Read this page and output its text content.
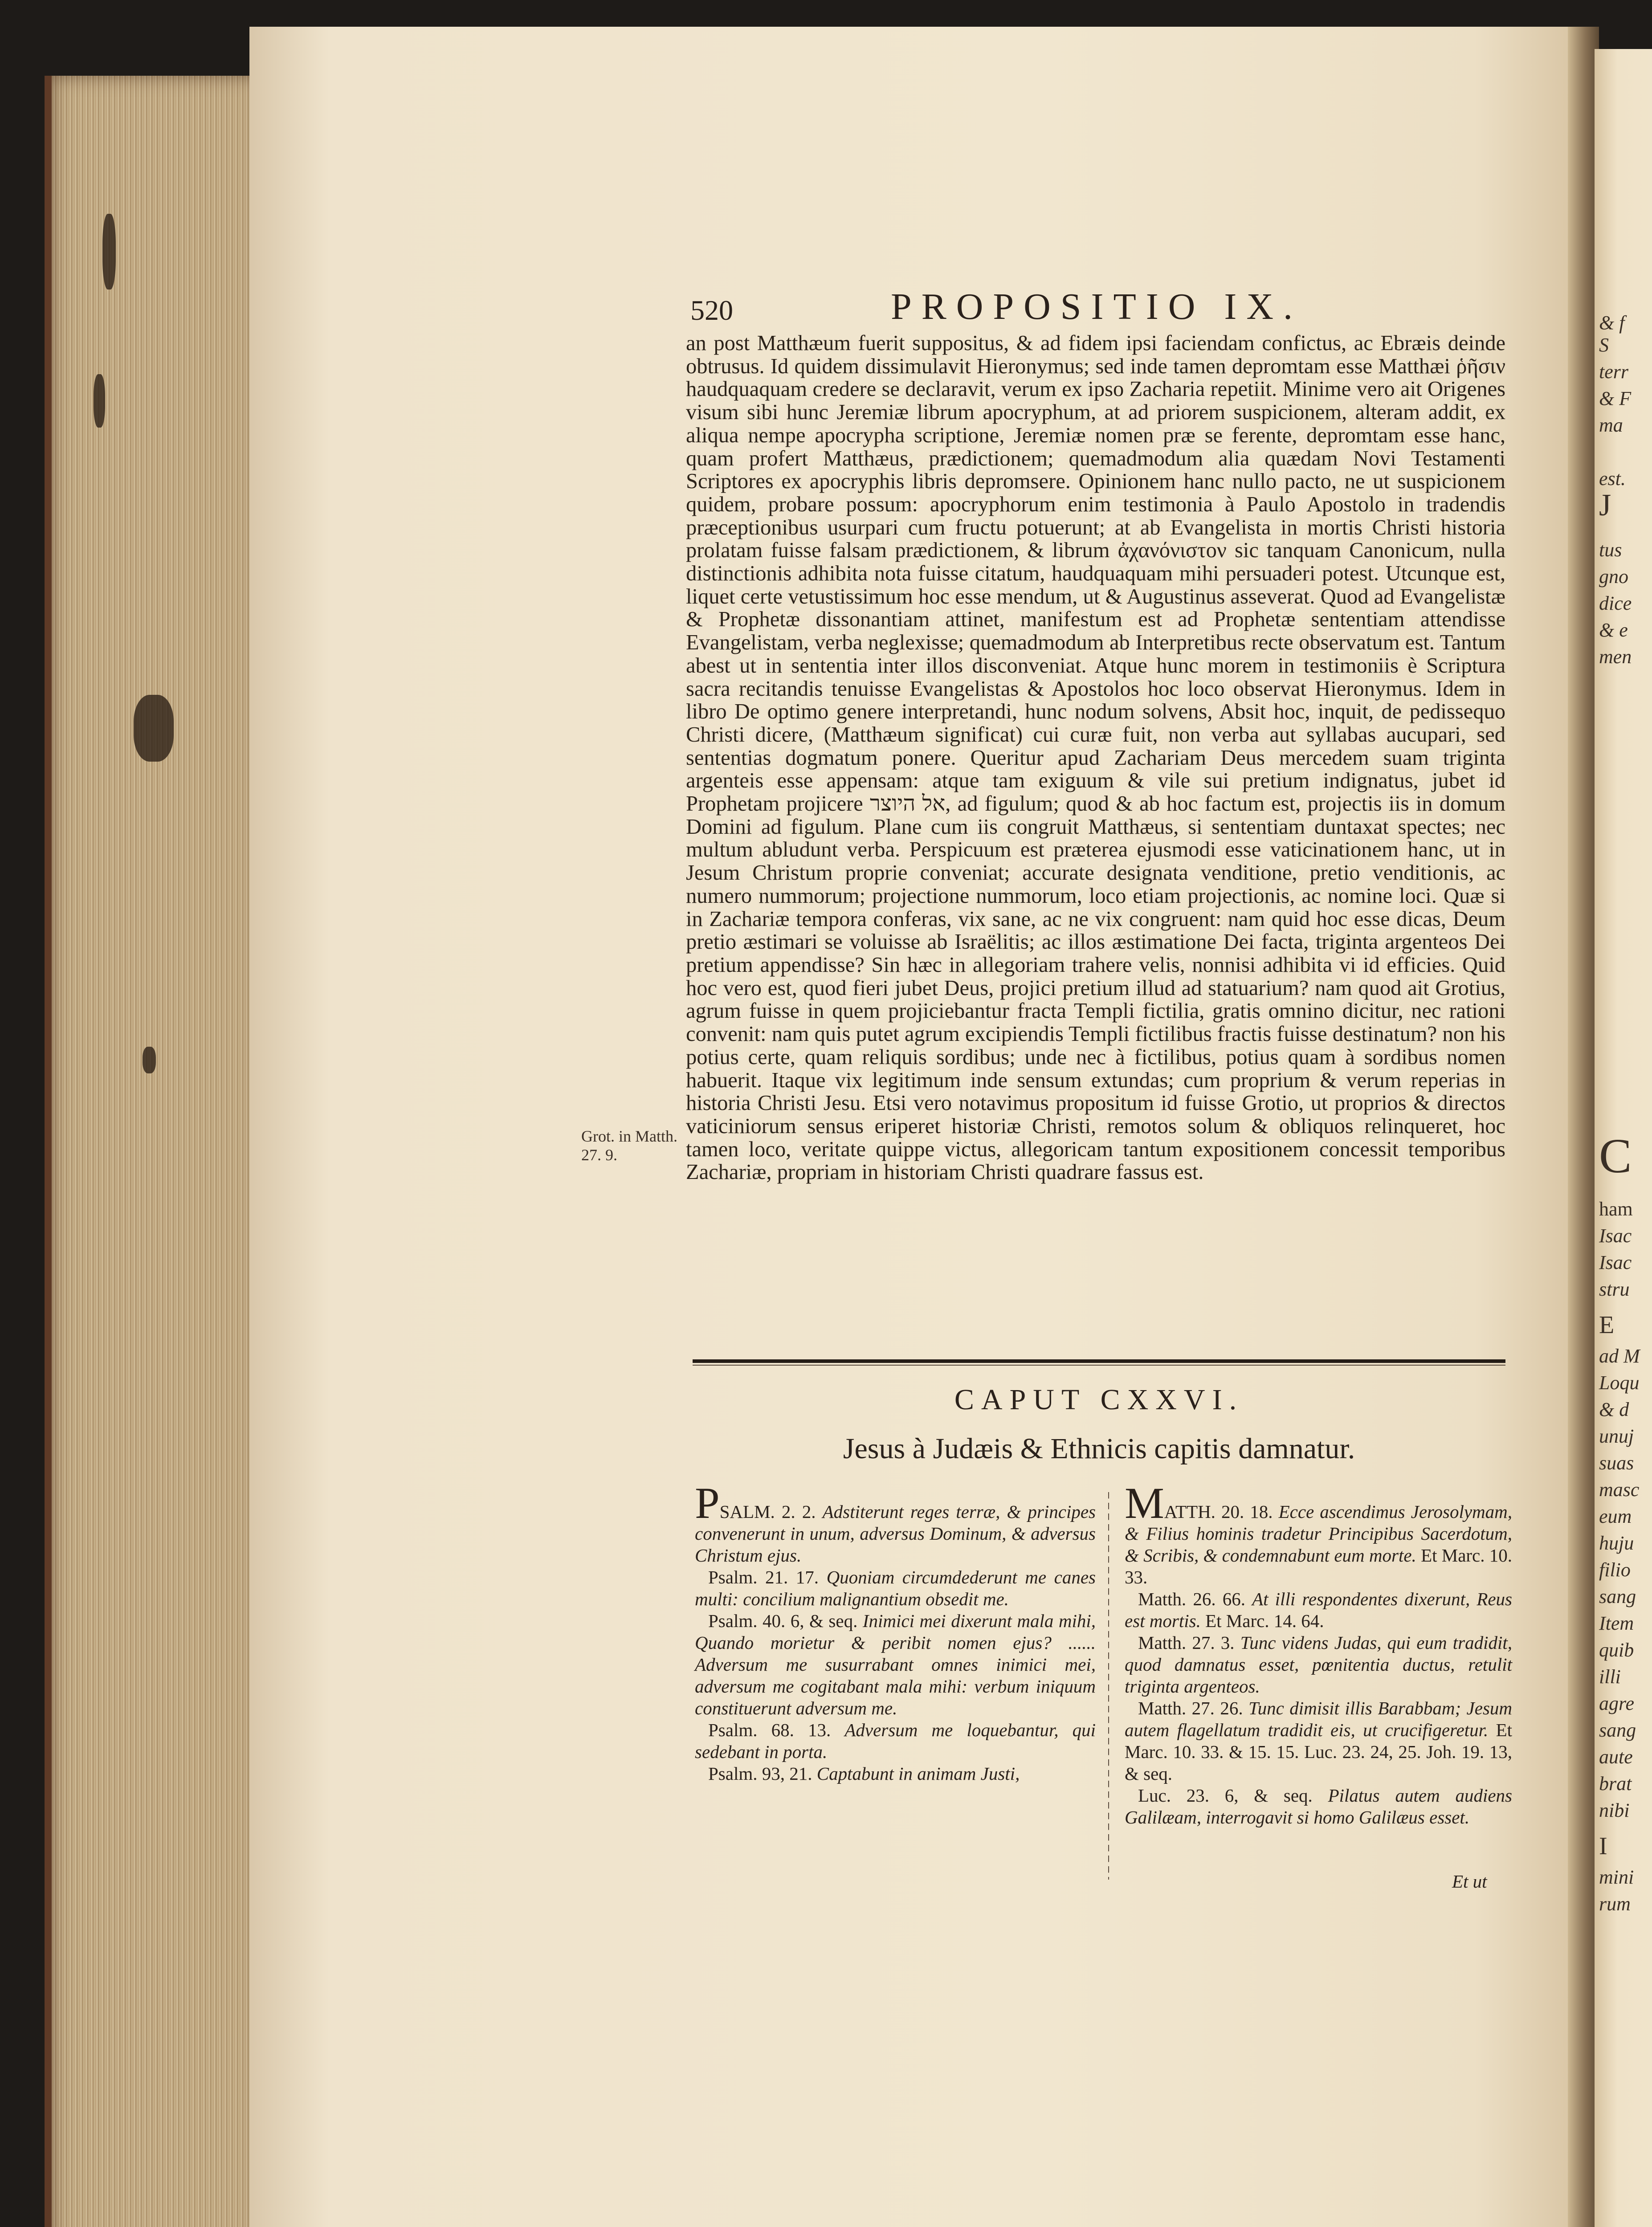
& f
S
terr
& F
ma
est.
J
tus
gno
dice
& e
men
C
ham
Isac
Isac
stru
E
ad M
Loqu
& d
unuj
suas
masc
eum
huju
filio
sang
Item
quib
illi
agre
sang
aute
brat
nibi
I
mini
rum
520	PROPOSITIO IX.

an post Matthæum fuerit suppositus, & ad fidem ipsi faciendam confictus, ac Ebræis deinde obtrusus. Id quidem dissimulavit Hieronymus; sed inde tamen depromtam esse Matthæi ῥῆσιν haudquaquam credere se declaravit, verum ex ipso Zacharia repetiit. Minime vero ait Origenes visum sibi hunc Jeremiæ librum apocryphum, at ad priorem suspicionem, alteram addit, ex aliqua nempe apocrypha scriptione, Jeremiæ nomen præ se ferente, depromtam esse hanc, quam profert Matthæus, prædictionem; quemadmodum alia quædam Novi Testamenti Scriptores ex apocryphis libris depromsere. Opinionem hanc nullo pacto, ne ut suspicionem quidem, probare possum: apocryphorum enim testimonia à Paulo Apostolo in tradendis præceptionibus usurpari cum fructu potuerunt; at ab Evangelista in mortis Christi historia prolatam fuisse falsam prædictionem, & librum ἀχανόνιστον sic tanquam Canonicum, nulla distinctionis adhibita nota fuisse citatum, haudquaquam mihi persuaderi potest. Utcunque est, liquet certe vetustissimum hoc esse mendum, ut & Augustinus asseverat. Quod ad Evangelistæ & Prophetæ dissonantiam attinet, manifestum est ad Prophetæ sententiam attendisse Evangelistam, verba neglexisse; quemadmodum ab Interpretibus recte observatum est. Tantum abest ut in sententia inter illos disconveniat. Atque hunc morem in testimoniis è Scriptura sacra recitandis tenuisse Evangelistas & Apostolos hoc loco observat Hieronymus. Idem in libro De optimo genere interpretandi, hunc nodum solvens, Absit hoc, inquit, de pedissequo Christi dicere, (Matthæum significat) cui curæ fuit, non verba aut syllabas aucupari, sed sententias dogmatum ponere. Queritur apud Zachariam Deus mercedem suam triginta argenteis esse appensam: atque tam exiguum & vile sui pretium indignatus, jubet id Prophetam projicere אל היוצר, ad figulum; quod & ab hoc factum est, projectis iis in domum Domini ad figulum. Plane cum iis congruit Matthæus, si sententiam duntaxat spectes; nec multum abludunt verba. Perspicuum est præterea ejusmodi esse vaticinationem hanc, ut in Jesum Christum proprie conveniat; accurate designata venditione, pretio venditionis, ac numero nummorum; projectione nummorum, loco etiam projectionis, ac nomine loci. Quæ si in Zachariæ tempora conferas, vix sane, ac ne vix congruent: nam quid hoc esse dicas, Deum pretio æstimari se voluisse ab Israëlitis; ac illos æstimatione Dei facta, triginta argenteos Dei pretium appendisse? Sin hæc in allegoriam trahere velis, nonnisi adhibita vi id efficies. Quid hoc vero est, quod fieri jubet Deus, projici pretium illud ad statuarium? nam quod ait Grotius, agrum fuisse in quem projiciebantur fracta Templi fictilia, gratis omnino dicitur, nec rationi convenit: nam quis putet agrum excipiendis Templi fictilibus fractis fuisse destinatum? non his potius certe, quam reliquis sordibus; unde nec à fictilibus, potius quam à sordibus nomen habuerit. Itaque vix legitimum inde sensum extundas; cum proprium & verum reperias in historia Christi Jesu. Etsi vero notavimus propositum id fuisse Grotio, ut proprios & directos vaticiniorum sensus eriperet historiæ Christi, remotos solum & obliquos relinqueret, hoc tamen loco, veritate quippe victus, allegoricam tantum expositionem concessit temporibus Zachariæ, propriam in historiam Christi quadrare fassus est.

Grot. in Matth. 27. 9.
CAPUT CXXVI.
Jesus à Judæis & Ethnicis capitis damnatur.

PSALM. 2. 2. Adstiterunt reges terræ, & principes convenerunt in unum, adversus Dominum, & adversus Christum ejus.

Psalm. 21. 17. Quoniam circumdederunt me canes multi: concilium malignantium obsedit me.

Psalm. 40. 6, & seq. Inimici mei dixerunt mala mihi, Quando morietur & peribit nomen ejus? ...... Adversum me susurrabant omnes inimici mei, adversum me cogitabant mala mihi: verbum iniquum constituerunt adversum me.

Psalm. 68. 13. Adversum me loquebantur, qui sedebant in porta.

Psalm. 93, 21. Captabunt in animam Justi,

MATTH. 20. 18. Ecce ascendimus Jerosolymam, & Filius hominis tradetur Principibus Sacerdotum, & Scribis, & condemnabunt eum morte. Et Marc. 10. 33.

Matth. 26. 66. At illi respondentes dixerunt, Reus est mortis. Et Marc. 14. 64.

Matth. 27. 3. Tunc videns Judas, qui eum tradidit, quod damnatus esset, pœnitentia ductus, retulit triginta argenteos.

Matth. 27. 26. Tunc dimisit illis Barabbam; Jesum autem flagellatum tradidit eis, ut crucifigeretur. Et Marc. 10. 33. & 15. 15. Luc. 23. 24, 25. Joh. 19. 13, & seq.

Luc. 23. 6, & seq. Pilatus autem audiens Galilæam, interrogavit si homo Galilæus esset.

Et ut
